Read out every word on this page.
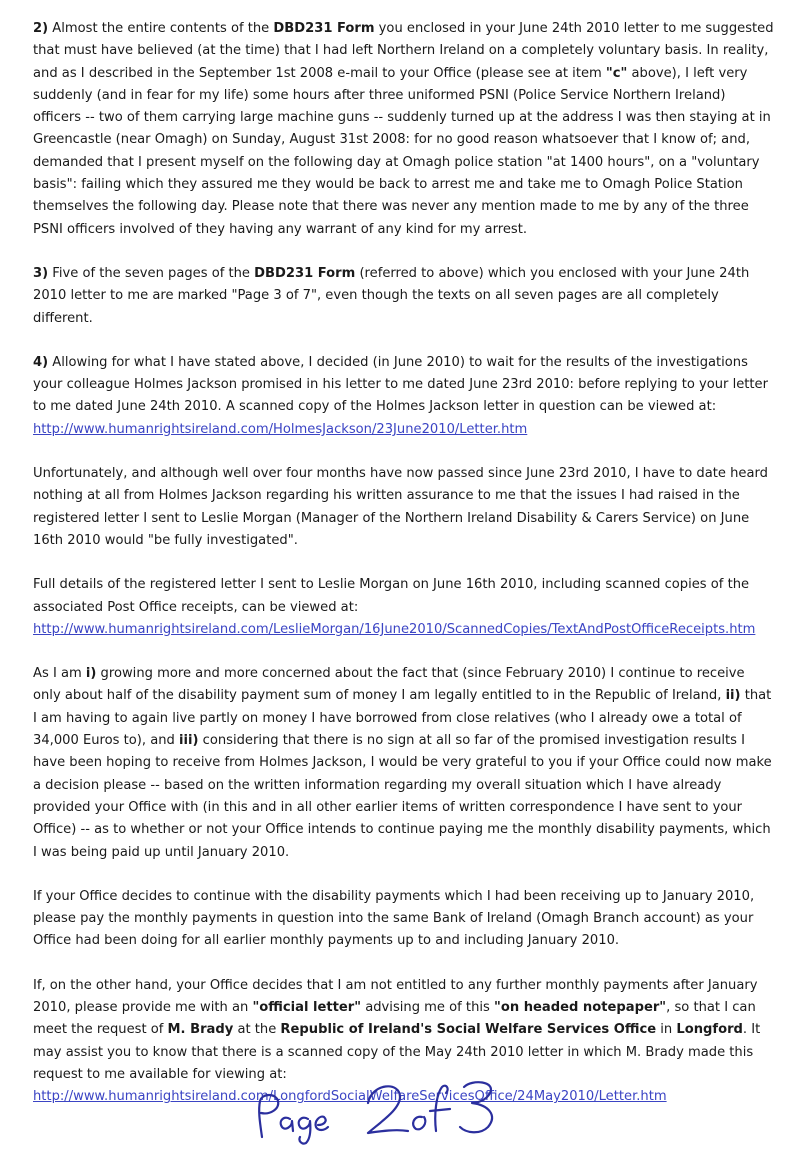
2) Almost the entire contents of the DBD231 Form you enclosed in your June 24th 2010 letter to me suggested that must have believed (at the time) that I had left Northern Ireland on a completely voluntary basis. In reality, and as I described in the September 1st 2008 e-mail to your Office (please see at item "c" above), I left very suddenly (and in fear for my life) some hours after three uniformed PSNI (Police Service Northern Ireland) officers -- two of them carrying large machine guns -- suddenly turned up at the address I was then staying at in Greencastle (near Omagh) on Sunday, August 31st 2008: for no good reason whatsoever that I know of; and, demanded that I present myself on the following day at Omagh police station "at 1400 hours", on a "voluntary basis": failing which they assured me they would be back to arrest me and take me to Omagh Police Station themselves the following day. Please note that there was never any mention made to me by any of the three PSNI officers involved of they having any warrant of any kind for my arrest.

3) Five of the seven pages of the DBD231 Form (referred to above) which you enclosed with your June 24th 2010 letter to me are marked "Page 3 of 7", even though the texts on all seven pages are all completely different.

4) Allowing for what I have stated above, I decided (in June 2010) to wait for the results of the investigations your colleague Holmes Jackson promised in his letter to me dated June 23rd 2010: before replying to your letter to me dated June 24th 2010. A scanned copy of the Holmes Jackson letter in question can be viewed at:
http://www.humanrightsireland.com/HolmesJackson/23June2010/Letter.htm

Unfortunately, and although well over four months have now passed since June 23rd 2010, I have to date heard nothing at all from Holmes Jackson regarding his written assurance to me that the issues I had raised in the registered letter I sent to Leslie Morgan (Manager of the Northern Ireland Disability & Carers Service) on June 16th 2010 would "be fully investigated".

Full details of the registered letter I sent to Leslie Morgan on June 16th 2010, including scanned copies of the associated Post Office receipts, can be viewed at:
http://www.humanrightsireland.com/LeslieMorgan/16June2010/ScannedCopies/TextAndPostOfficeReceipts.htm

As I am i) growing more and more concerned about the fact that (since February 2010) I continue to receive only about half of the disability payment sum of money I am legally entitled to in the Republic of Ireland, ii) that I am having to again live partly on money I have borrowed from close relatives (who I already owe a total of 34,000 Euros to), and iii) considering that there is no sign at all so far of the promised investigation results I have been hoping to receive from Holmes Jackson, I would be very grateful to you if your Office could now make a decision please -- based on the written information regarding my overall situation which I have already provided your Office with (in this and in all other earlier items of written correspondence I have sent to your Office) -- as to whether or not your Office intends to continue paying me the monthly disability payments, which I was being paid up until January 2010.

If your Office decides to continue with the disability payments which I had been receiving up to January 2010, please pay the monthly payments in question into the same Bank of Ireland (Omagh Branch account) as your Office had been doing for all earlier monthly payments up to and including January 2010.

If, on the other hand, your Office decides that I am not entitled to any further monthly payments after January 2010, please provide me with an "official letter" advising me of this "on headed notepaper", so that I can meet the request of M. Brady at the Republic of Ireland's Social Welfare Services Office in Longford. It may assist you to know that there is a scanned copy of the May 24th 2010 letter in which M. Brady made this request to me available for viewing at:
http://www.humanrightsireland.com/LongfordSocialWelfareServicesOffice/24May2010/Letter.htm
